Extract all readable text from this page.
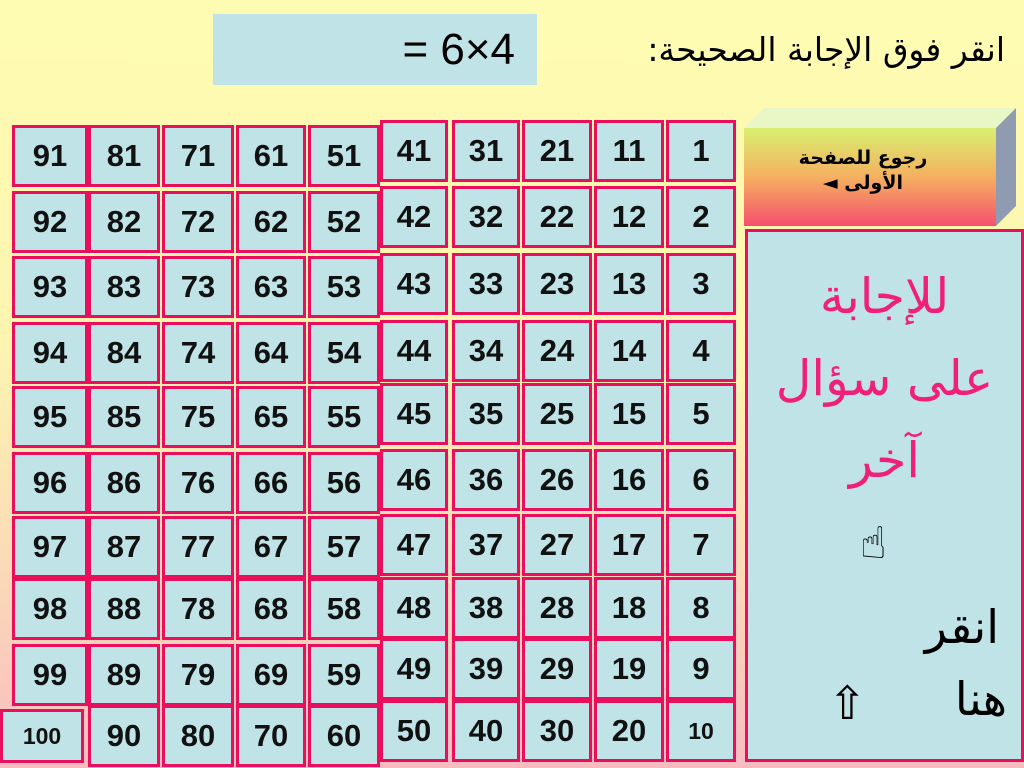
= 6×4	انقر فوق الإجابة الصحيحة:
1
2
3
4
5
6
7
8
9
10
11
12
13
14
15
16
17
18
19
20
21
22
23
24
25
26
27
28
29
30
31
32
33
34
35
36
37
38
39
40
41
42
43
44
45
46
47
48
49
50
51
52
53
54
55
56
57
58
59
60
61
62
63
64
65
66
67
68
69
70
71
72
73
74
75
76
77
78
79
80
81
82
83
84
85
86
87
88
89
90
91
92
93
94
95
96
97
98
99
100
رجوع للصفحة
الأولى ◄
للإجابة
على سؤال
آخر
☝
انقر
هنا
⇧
